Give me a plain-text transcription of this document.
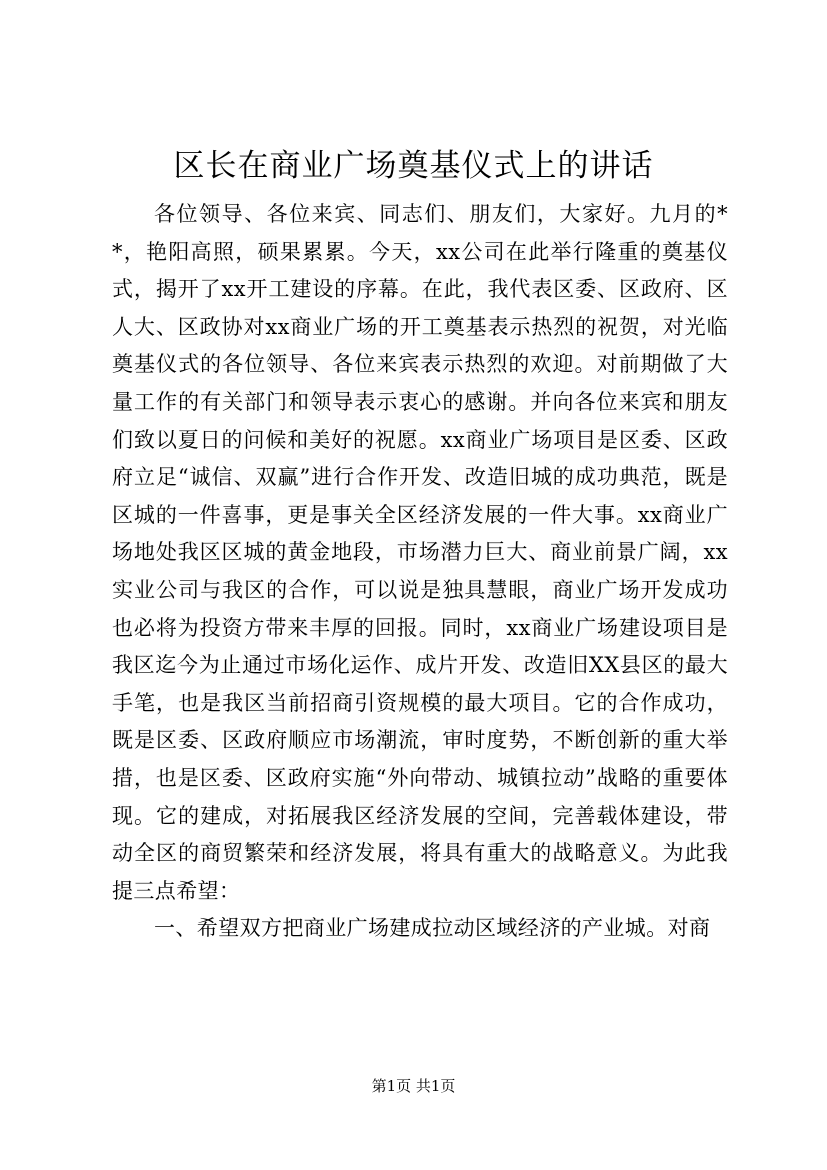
区长在商业广场奠基仪式上的讲话

各位领导、各位来宾、同志们、朋友们，大家好。九月的**，艳阳高照，硕果累累。今天，xx公司在此举行隆重的奠基仪式，揭开了xx开工建设的序幕。在此，我代表区委、区政府、区人大、区政协对xx商业广场的开工奠基表示热烈的祝贺，对光临奠基仪式的各位领导、各位来宾表示热烈的欢迎。对前期做了大量工作的有关部门和领导表示衷心的感谢。并向各位来宾和朋友们致以夏日的问候和美好的祝愿。xx商业广场项目是区委、区政府立足“诚信、双赢”进行合作开发、改造旧城的成功典范，既是区城的一件喜事，更是事关全区经济发展的一件大事。xx商业广场地处我区区城的黄金地段，市场潜力巨大、商业前景广阔，xx实业公司与我区的合作，可以说是独具慧眼，商业广场开发成功也必将为投资方带来丰厚的回报。同时，xx商业广场建设项目是我区迄今为止通过市场化运作、成片开发、改造旧XX县区的最大手笔，也是我区当前招商引资规模的最大项目。它的合作成功，既是区委、区政府顺应市场潮流，审时度势，不断创新的重大举措，也是区委、区政府实施“外向带动、城镇拉动”战略的重要体现。它的建成，对拓展我区经济发展的空间，完善载体建设，带动全区的商贸繁荣和经济发展，将具有重大的战略意义。为此我提三点希望：

一、希望双方把商业广场建成拉动区域经济的产业城。对商

第1页 共1页
